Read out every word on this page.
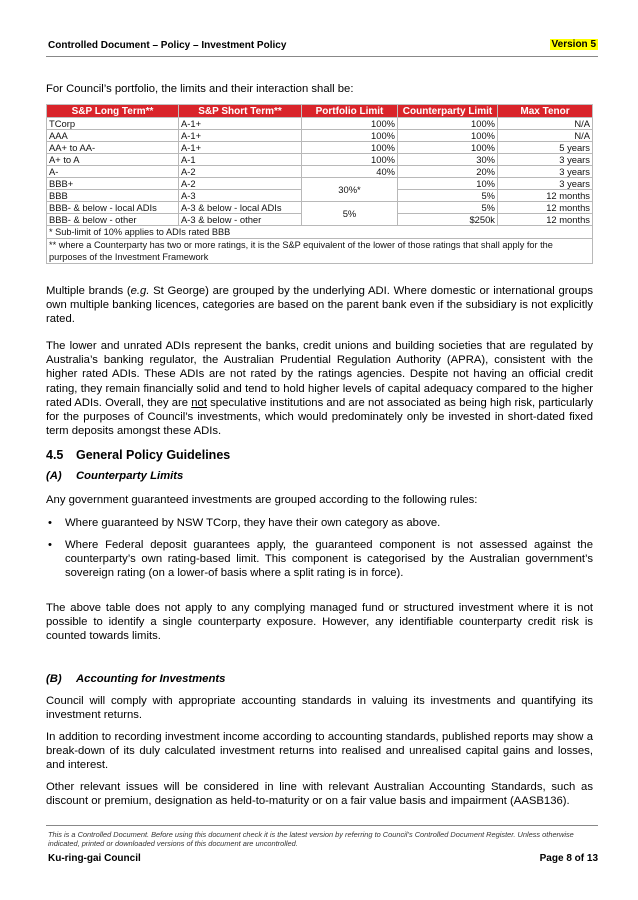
Controlled Document – Policy – Investment Policy	Version 5
For Council’s portfolio, the limits and their interaction shall be:
S&P Long Term**	S&P Short Term**	Portfolio Limit	Counterparty Limit	Max Tenor
TCorp	A-1+	100%	100%	N/A
AAA	A-1+	100%	100%	N/A
AA+ to AA-	A-1+	100%	100%	5 years
A+ to A	A-1	100%	30%	3 years
A-	A-2	40%	20%	3 years
BBB+	A-2	30%*	10%	3 years
BBB	A-3		5%	12 months
BBB- & below - local ADIs	A-3 & below - local ADIs	5%	5%	12 months
BBB- & below - other	A-3 & below - other		$250k	12 months
* Sub-limit of 10% applies to ADIs rated BBB				
** where a Counterparty has two or more ratings, it is the S&P equivalent of the lower of those ratings that shall apply for the purposes of the Investment Framework				
Multiple brands (e.g. St George) are grouped by the underlying ADI. Where domestic or international groups own multiple banking licences, categories are based on the parent bank even if the subsidiary is not explicitly rated.
The lower and unrated ADIs represent the banks, credit unions and building societies that are regulated by Australia’s banking regulator, the Australian Prudential Regulation Authority (APRA), consistent with the higher rated ADIs. These ADIs are not rated by the ratings agencies. Despite not having an official credit rating, they remain financially solid and tend to hold higher levels of capital adequacy compared to the higher rated ADIs. Overall, they are not speculative institutions and are not associated as being high risk, particularly for the purposes of Council’s investments, which would predominately only be invested in short-dated fixed term deposits amongst these ADIs.
4.5 General Policy Guidelines
(A) Counterparty Limits
Any government guaranteed investments are grouped according to the following rules:
• Where guaranteed by NSW TCorp, they have their own category as above.
• Where Federal deposit guarantees apply, the guaranteed component is not assessed against the counterparty’s own rating-based limit. This component is categorised by the Australian government’s sovereign rating (on a lower-of basis where a split rating is in force).
The above table does not apply to any complying managed fund or structured investment where it is not possible to identify a single counterparty exposure. However, any identifiable counterparty credit risk is counted towards limits.
(B) Accounting for Investments
Council will comply with appropriate accounting standards in valuing its investments and quantifying its investment returns.
In addition to recording investment income according to accounting standards, published reports may show a break-down of its duly calculated investment returns into realised and unrealised capital gains and losses, and interest.
Other relevant issues will be considered in line with relevant Australian Accounting Standards, such as discount or premium, designation as held-to-maturity or on a fair value basis and impairment (AASB136).
This is a Controlled Document. Before using this document check it is the latest version by referring to Council’s Controlled Document Register. Unless otherwise indicated, printed or downloaded versions of this document are uncontrolled.
Ku-ring-gai Council	Page 8 of 13
